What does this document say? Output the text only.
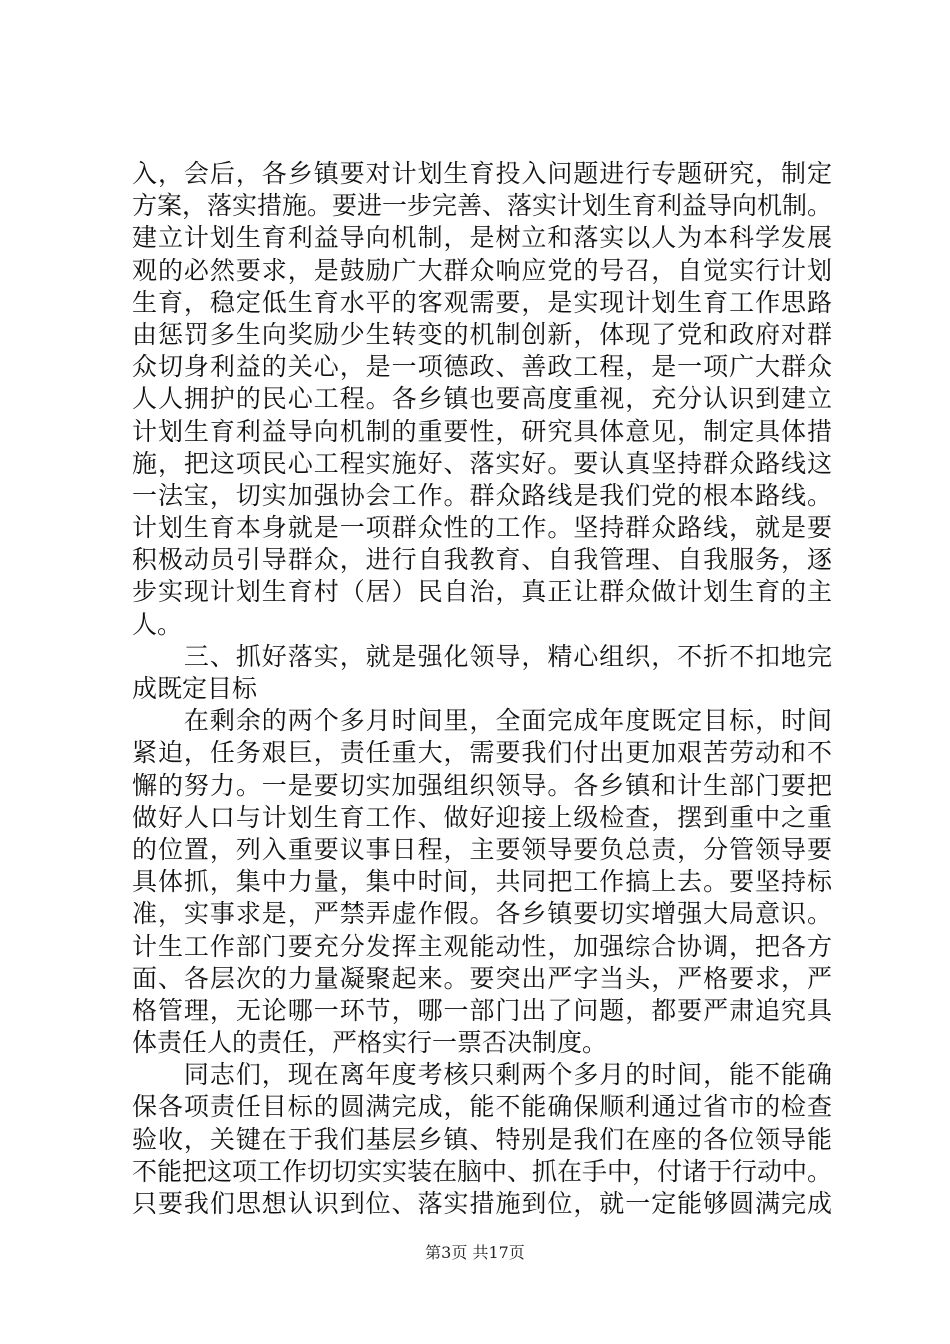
入，会后，各乡镇要对计划生育投入问题进行专题研究，制定
方案，落实措施。要进一步完善、落实计划生育利益导向机制。
建立计划生育利益导向机制，是树立和落实以人为本科学发展
观的必然要求，是鼓励广大群众响应党的号召，自觉实行计划
生育，稳定低生育水平的客观需要，是实现计划生育工作思路
由惩罚多生向奖励少生转变的机制创新，体现了党和政府对群
众切身利益的关心，是一项德政、善政工程，是一项广大群众
人人拥护的民心工程。各乡镇也要高度重视，充分认识到建立
计划生育利益导向机制的重要性，研究具体意见，制定具体措
施，把这项民心工程实施好、落实好。要认真坚持群众路线这
一法宝，切实加强协会工作。群众路线是我们党的根本路线。
计划生育本身就是一项群众性的工作。坚持群众路线，就是要
积极动员引导群众，进行自我教育、自我管理、自我服务，逐
步实现计划生育村（居）民自治，真正让群众做计划生育的主
人。
　　三、抓好落实，就是强化领导，精心组织，不折不扣地完
成既定目标
　　在剩余的两个多月时间里，全面完成年度既定目标，时间
紧迫，任务艰巨，责任重大，需要我们付出更加艰苦劳动和不
懈的努力。一是要切实加强组织领导。各乡镇和计生部门要把
做好人口与计划生育工作、做好迎接上级检查，摆到重中之重
的位置，列入重要议事日程，主要领导要负总责，分管领导要
具体抓，集中力量，集中时间，共同把工作搞上去。要坚持标
准，实事求是，严禁弄虚作假。各乡镇要切实增强大局意识。
计生工作部门要充分发挥主观能动性，加强综合协调，把各方
面、各层次的力量凝聚起来。要突出严字当头，严格要求，严
格管理，无论哪一环节，哪一部门出了问题，都要严肃追究具
体责任人的责任，严格实行一票否决制度。
　　同志们，现在离年度考核只剩两个多月的时间，能不能确
保各项责任目标的圆满完成，能不能确保顺利通过省市的检查
验收，关键在于我们基层乡镇、特别是我们在座的各位领导能
不能把这项工作切切实实装在脑中、抓在手中，付诸于行动中。
只要我们思想认识到位、落实措施到位，就一定能够圆满完成
第3页 共17页
